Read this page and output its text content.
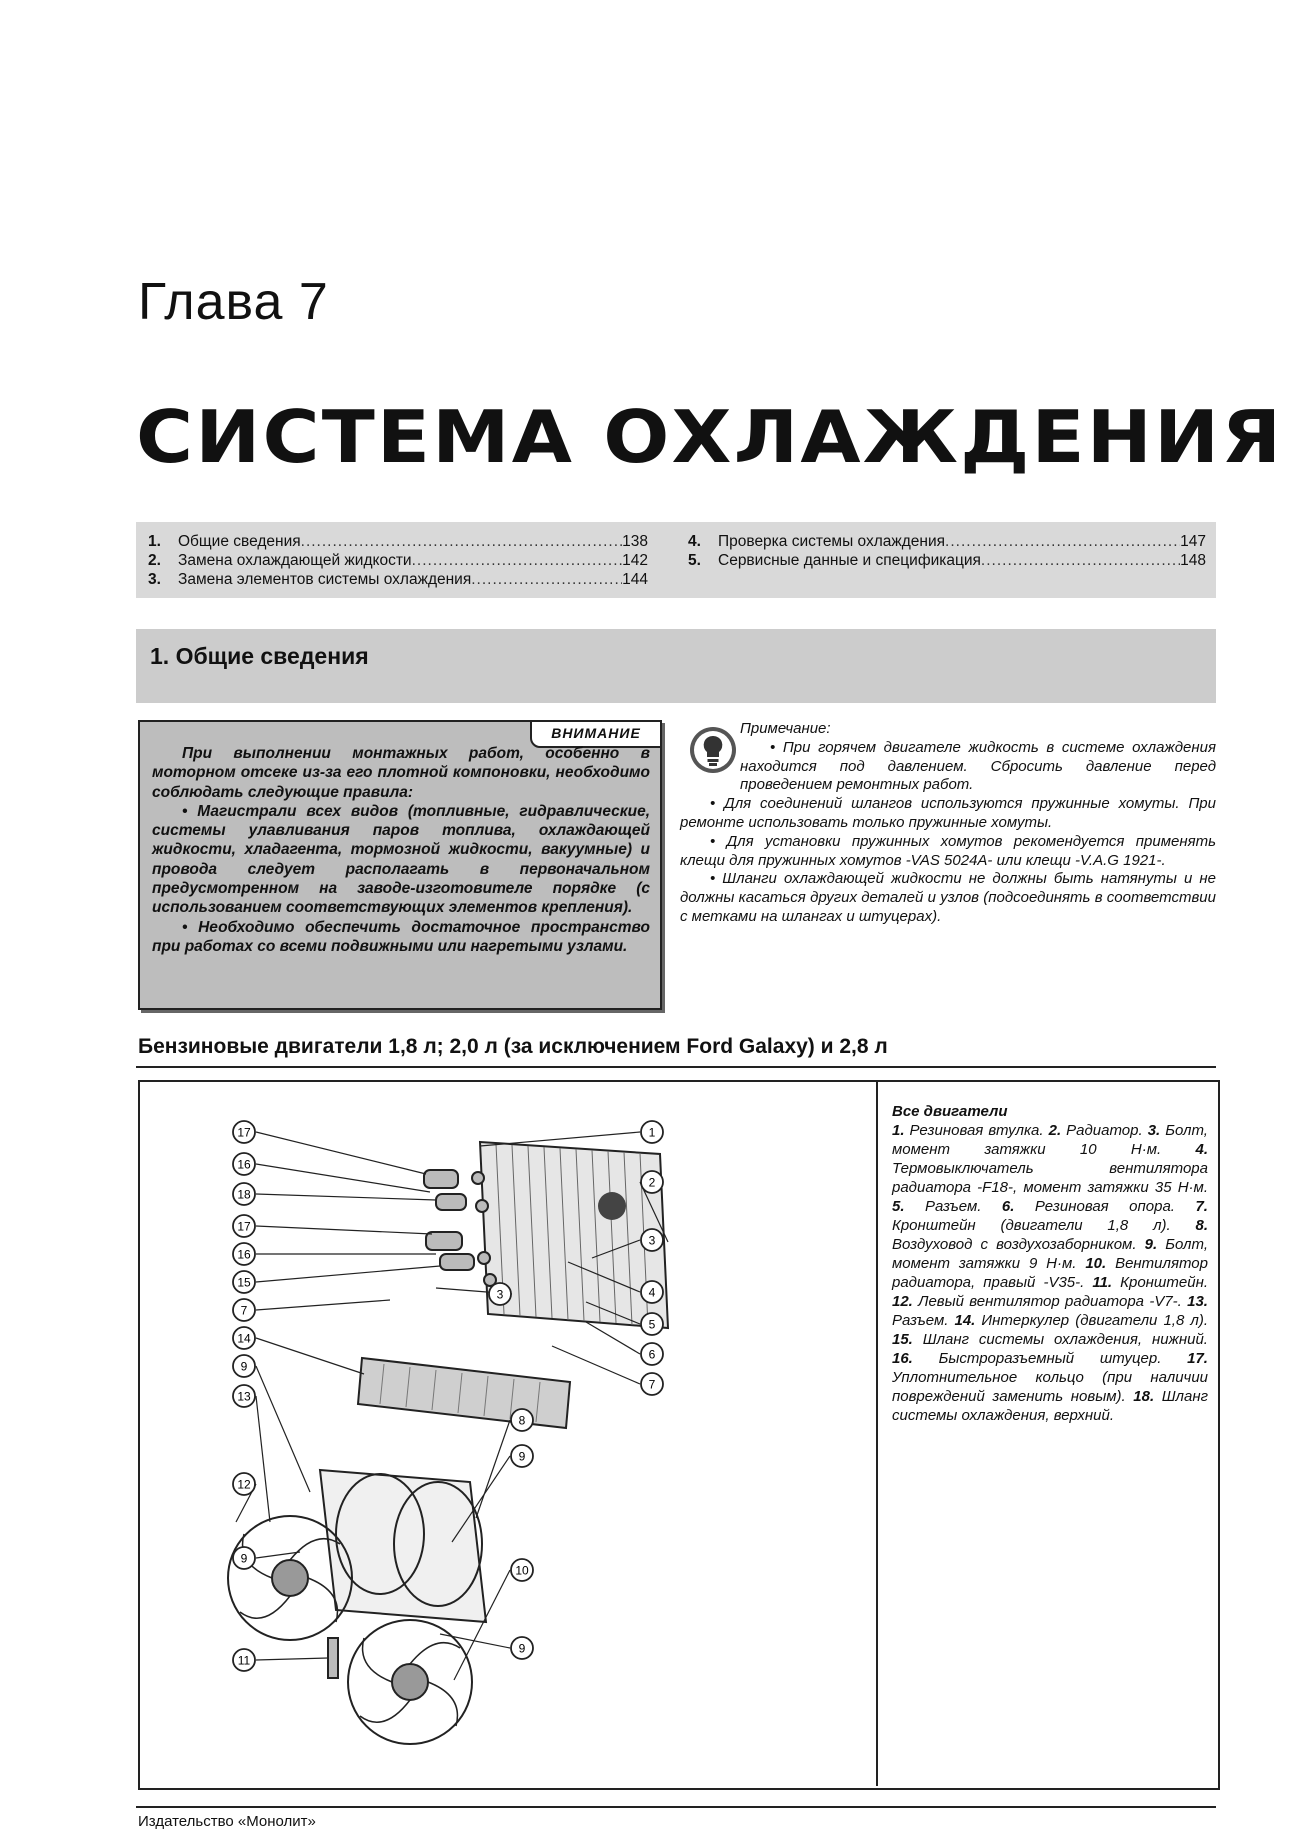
Глава 7
СИСТЕМА ОХЛАЖДЕНИЯ
1.	Общие сведения .....	138
2.	Замена охлаждающей жидкости .....	142
3.	Замена элементов системы охлаждения .....	144
4.	Проверка системы охлаждения .....	147
5.	Сервисные данные и спецификация .....	148
1. Общие сведения
ВНИМАНИЕ

При выполнении монтажных работ, особенно в моторном отсеке из-за его плотной компоновки, необходимо соблюдать следующие правила:

• Магистрали всех видов (топливные, гидравлические, системы улавливания паров топлива, охлаждающей жидкости, хладагента, тормозной жидкости, вакуумные) и провода следует располагать в первоначальном предусмотренном на заводе-изготовителе порядке (с использованием соответствующих элементов крепления).

• Необходимо обеспечить достаточное пространство при работах со всеми подвижными или нагретыми узлами.

Примечание:

• При горячем двигателе жидкость в системе охлаждения находится под давлением. Сбросить давление перед проведением ремонтных работ.

• Для соединений шлангов используются пружинные хомуты. При ремонте использовать только пружинные хомуты.

• Для установки пружинных хомутов рекомендуется применять клещи для пружинных хомутов -VAS 5024A- или клещи -V.A.G 1921-.

• Шланги охлаждающей жидкости не должны быть натянуты и не должны касаться других деталей и узлов (подсоединять в соответствии с метками на шлангах и штуцерах).

Бензиновые двигатели 1,8 л; 2,0 л (за исключением Ford Galaxy) и 2,8 л
17
16
18
17
16
15
7
14
9
13
12
9
11
1
2
3
4
5
6
7
3
8
9
10
9
Все двигатели
1. Резиновая втулка. 2. Радиатор. 3. Болт, момент затяжки 10 Н·м. 4. Термовыключатель вентилятора радиатора -F18-, момент затяжки 35 Н·м. 5. Разъем. 6. Резиновая опора. 7. Кронштейн (двигатели 1,8 л). 8. Воздуховод с воздухозаборником. 9. Болт, момент затяжки 9 Н·м. 10. Вентилятор радиатора, правый -V35-. 11. Кронштейн. 12. Левый вентилятор радиатора -V7-. 13. Разъем. 14. Интеркулер (двигатели 1,8 л). 15. Шланг системы охлаждения, нижний. 16. Быстроразъемный штуцер. 17. Уплотнительное кольцо (при наличии повреждений заменить новым). 18. Шланг системы охлаждения, верхний.
Издательство «Монолит»
